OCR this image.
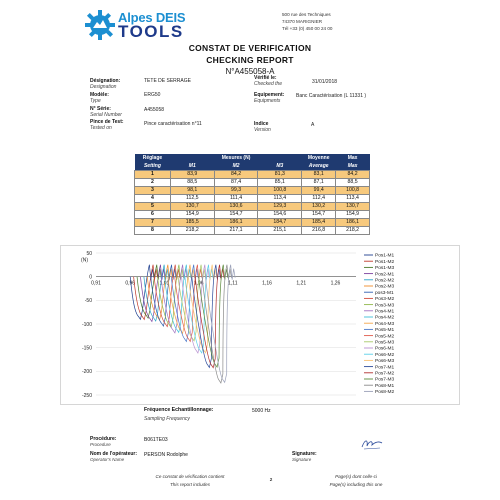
Alpes DEIS
TOOLS
500 rue des Techniques
74370 MARIGNIER
Tél +33 (0) 450 00 24 00
CONSTAT DE VERIFICATION
CHECKING REPORT
N°A455058-A
Désignation:
Designation
TETE DE SERRAGE
Modèle:
Type
ERG50
N° Série:
Serial Number
A455058
Pince de Test:
Tested on
Pince caractérisation n°11
Vérifié le:
Checked the	31/01/2018
Equipement:
Equipments
Banc Caractérisation (L 11331 )
Indice
Version
A
Réglage	Mesures (N)			Moyenne	Max
Setting	M1	M2	M3	Average	Max
1	83,9	84,2	81,3	83,1	84,2
2	88,5	87,4	85,1	87,1	88,5
3	98,1	99,3	100,8	99,4	100,8
4	112,5	111,4	113,4	112,4	113,4
5	130,7	130,6	129,3	130,2	130,7
6	154,9	154,7	154,6	154,7	154,9
7	185,5	186,1	184,7	185,4	186,1
8	218,2	217,1	215,1	216,8	218,2
50
0
-50
-100
-150
-200
-250
(N)
0,91	0,96	1,01	1,06	1,11	1,16	1,21	1,26
Pos1-M1
Pos1-M2
Pos1-M3
Pos2-M1
Pos2-M2
Pos2-M3
pos3-M1
Pos3-M2
Pos3-M3
Pos4-M1
Pos4-M2
Pos4-M3
Pos5-M1
Pos5-M2
Pos5-M3
Pos6-M1
Pos6-M2
Pos6-M3
Pos7-M1
Pos7-M2
Pos7-M3
Pos8-M1
Pos8-M2
Fréquence Echantillonnage:
Sampling Frequency
5000 Hz
Procédure:
Procedure
B061TE03
Nom de l'opérateur:
Operator's Name
PERSON Rodolphe	Signature:
Signature
Ce constat de vérification contient
This report includes
2
Page(s) dont celle-ci
Page(s) including this one
